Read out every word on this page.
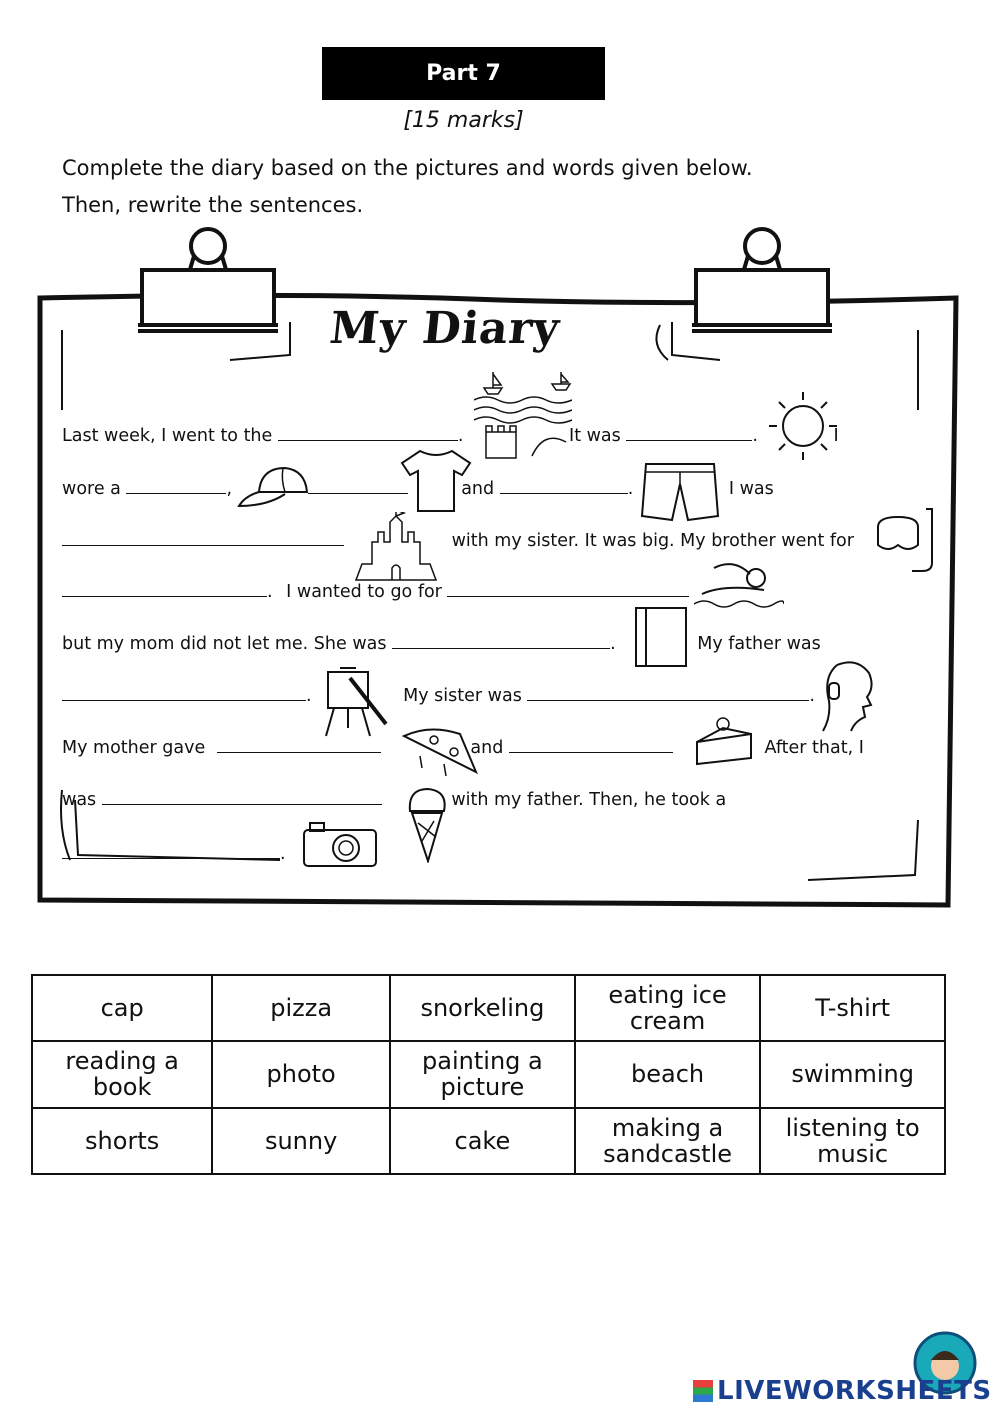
Part 7
[15 marks]
Complete the diary based on the pictures and words given below.
Then, rewrite the sentences.
My Diary
Last week, I went to the	.	It was	.	I
wore a	,	and	.	I was
with my sister. It was big. My brother went for
. I wanted to go for
but my mom did not let me. She was	.	My father was
.	My sister was	.
My mother gave	and	After that, I
was	with my father. Then, he took a
.
cap	pizza	snorkeling	eating ice cream	T-shirt
reading a book	photo	painting a picture	beach	swimming
shorts	sunny	cake	making a sandcastle	listening to music
LIVEWORKSHEETS
